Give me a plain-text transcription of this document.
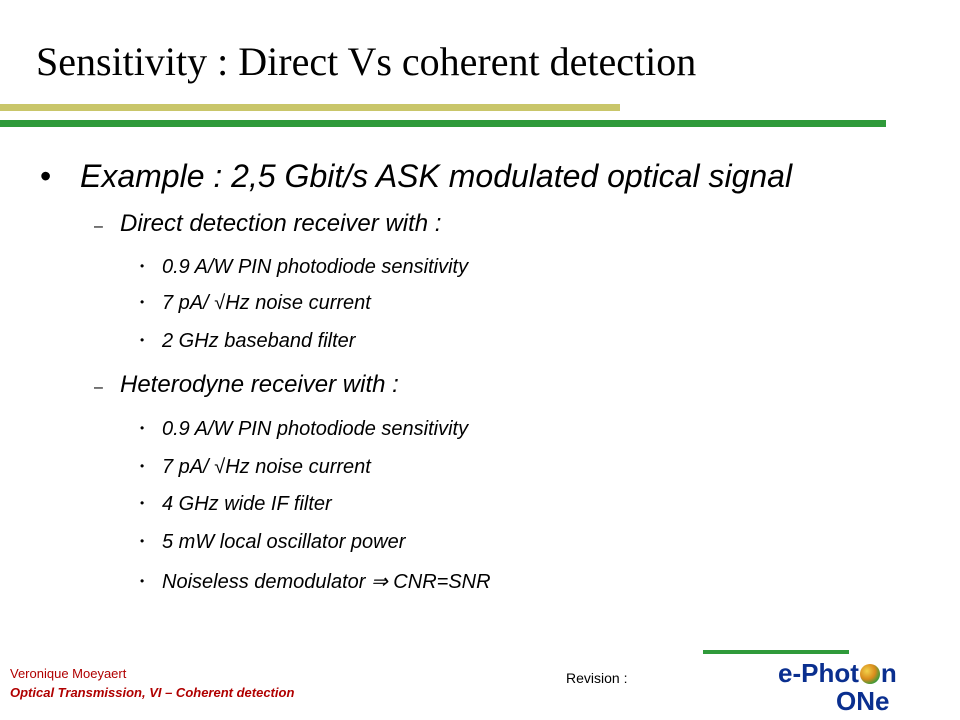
Sensitivity : Direct Vs coherent detection
• Example : 2,5 Gbit/s ASK modulated optical signal
– Direct detection receiver with :
• 0.9 A/W PIN photodiode sensitivity
• 7 pA/ √Hz noise current
• 2 GHz baseband filter
– Heterodyne receiver with :
• 0.9 A/W PIN photodiode sensitivity
• 7 pA/ √Hz noise current
• 4 GHz wide IF filter
• 5 mW local oscillator power
• Noiseless demodulator ⇒ CNR=SNR
Veronique Moeyaert
Optical Transmission, VI – Coherent detection
Revision :	e-Phot n
ONe
